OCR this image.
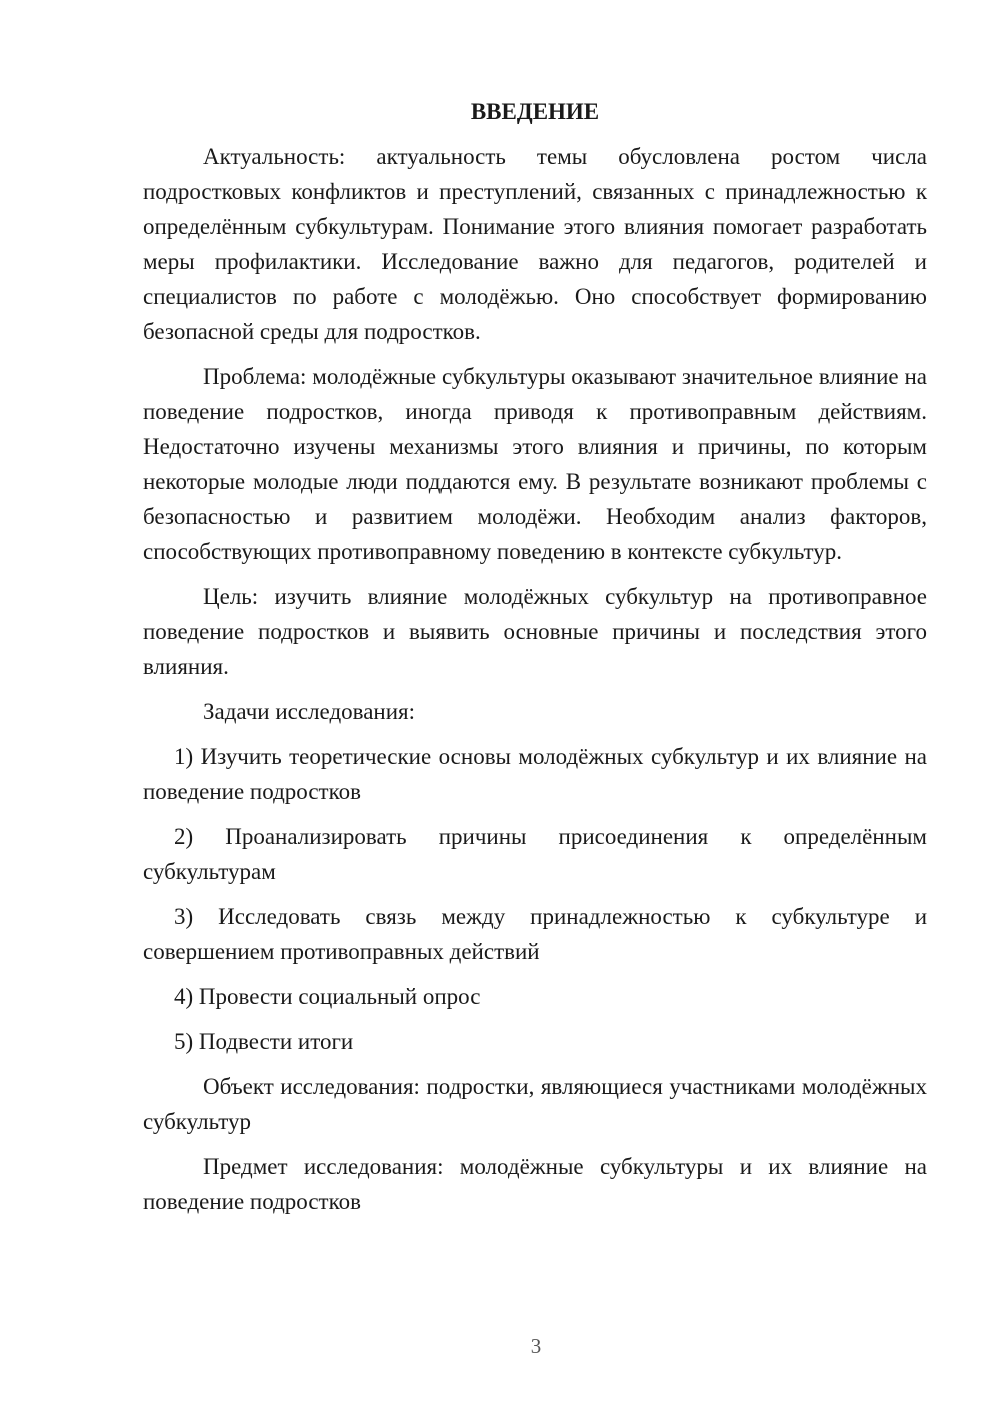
ВВЕДЕНИЕ

Актуальность: актуальность темы обусловлена ростом числа подростковых конфликтов и преступлений, связанных с принадлежностью к определённым субкультурам. Понимание этого влияния помогает разработать меры профилактики. Исследование важно для педагогов, родителей и специалистов по работе с молодёжью. Оно способствует формированию безопасной среды для подростков.

Проблема: молодёжные субкультуры оказывают значительное влияние на поведение подростков, иногда приводя к противоправным действиям. Недостаточно изучены механизмы этого влияния и причины, по которым некоторые молодые люди поддаются ему. В результате возникают проблемы с безопасностью и развитием молодёжи. Необходим анализ факторов, способствующих противоправному поведению в контексте субкультур.

Цель: изучить влияние молодёжных субкультур на противоправное поведение подростков и выявить основные причины и последствия этого влияния.

Задачи исследования:

1) Изучить теоретические основы молодёжных субкультур и их влияние на поведение подростков

2) Проанализировать причины присоединения к определённым субкультурам

3) Исследовать связь между принадлежностью к субкультуре и совершением противоправных действий

4) Провести социальный опрос

5) Подвести итоги

Объект исследования: подростки, являющиеся участниками молодёжных субкультур

Предмет исследования: молодёжные субкультуры и их влияние на поведение подростков

3
